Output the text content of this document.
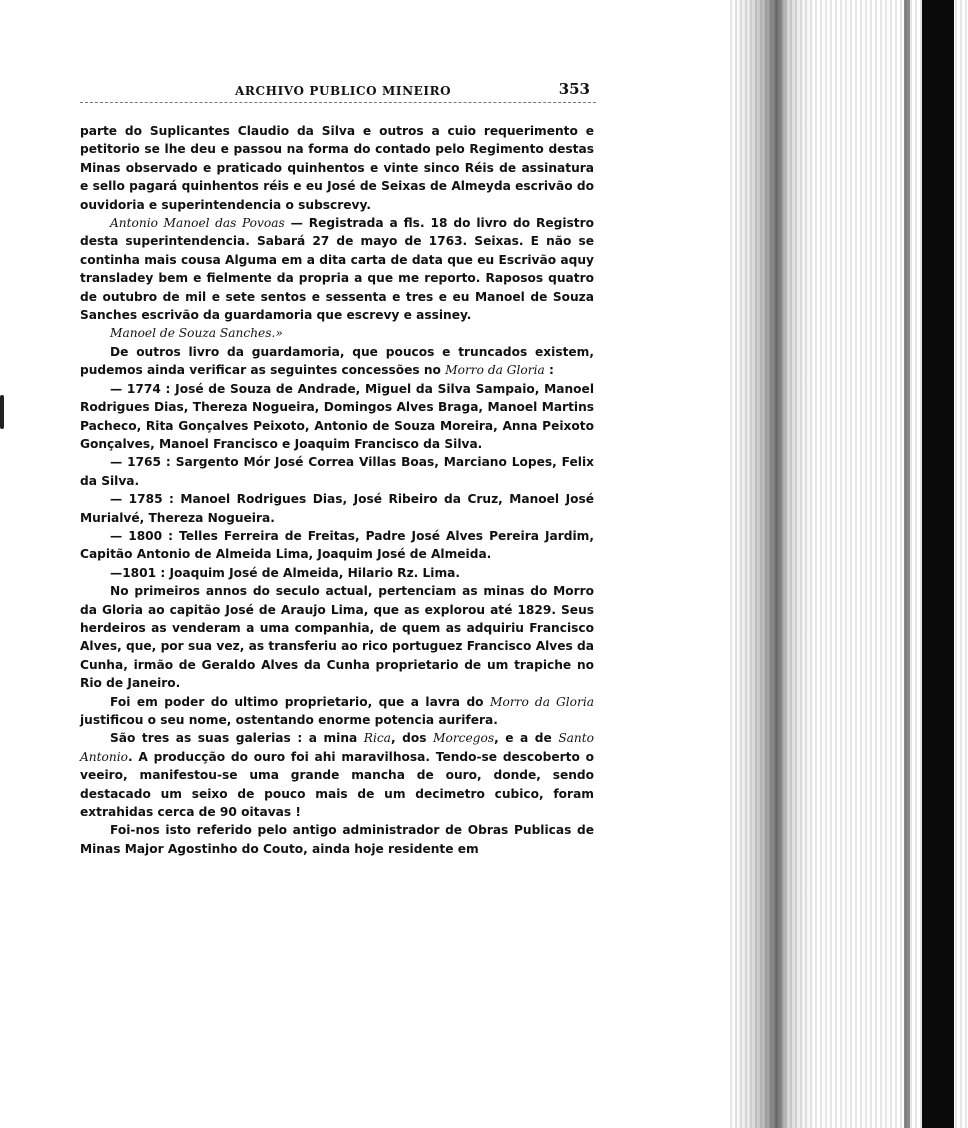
ARCHIVO PUBLICO MINEIRO	353

parte do Suplicantes Claudio da Silva e outros a cuio requerimento e petitorio se lhe deu e passou na forma do contado pelo Regimento destas Minas observado e praticado quinhentos e vinte sinco Réis de assinatura e sello pagará quinhentos réis e eu José de Seixas de Almeyda escrivão do ouvidoria e superintendencia o subscrevy.

Antonio Manoel das Povoas — Registrada a fls. 18 do livro do Registro desta superintendencia. Sabará 27 de mayo de 1763. Seixas. E não se continha mais cousa Alguma em a dita carta de data que eu Escrivão aquy transladey bem e fielmente da propria a que me reporto. Raposos quatro de outubro de mil e sete sentos e sessenta e tres e eu Manoel de Souza Sanches escrivão da guardamoria que escrevy e assiney.

Manoel de Souza Sanches.»

De outros livro da guardamoria, que poucos e truncados existem, pudemos ainda verificar as seguintes concessões no Morro da Gloria :

— 1774 : José de Souza de Andrade, Miguel da Silva Sampaio, Manoel Rodrigues Dias, Thereza Nogueira, Domingos Alves Braga, Manoel Martins Pacheco, Rita Gonçalves Peixoto, Antonio de Souza Moreira, Anna Peixoto Gonçalves, Manoel Francisco e Joaquim Francisco da Silva.

— 1765 : Sargento Mór José Correa Villas Boas, Marciano Lopes, Felix da Silva.

— 1785 : Manoel Rodrigues Dias, José Ribeiro da Cruz, Manoel José Murialvé, Thereza Nogueira.

— 1800 : Telles Ferreira de Freitas, Padre José Alves Pereira Jardim, Capitão Antonio de Almeida Lima, Joaquim José de Almeida.

—1801 : Joaquim José de Almeida, Hilario Rz. Lima.

No primeiros annos do seculo actual, pertenciam as minas do Morro da Gloria ao capitão José de Araujo Lima, que as explorou até 1829. Seus herdeiros as venderam a uma companhia, de quem as adquiriu Francisco Alves, que, por sua vez, as transferiu ao rico portuguez Francisco Alves da Cunha, irmão de Geraldo Alves da Cunha proprietario de um trapiche no Rio de Janeiro.

Foi em poder do ultimo proprietario, que a lavra do Morro da Gloria justificou o seu nome, ostentando enorme potencia aurifera.

São tres as suas galerias : a mina Rica, dos Morcegos, e a de Santo Antonio. A producção do ouro foi ahi maravilhosa. Tendo-se descoberto o veeiro, manifestou-se uma grande mancha de ouro, donde, sendo destacado um seixo de pouco mais de um decimetro cubico, foram extrahidas cerca de 90 oitavas !

Foi-nos isto referido pelo antigo administrador de Obras Publicas de Minas Major Agostinho do Couto, ainda hoje residente em
